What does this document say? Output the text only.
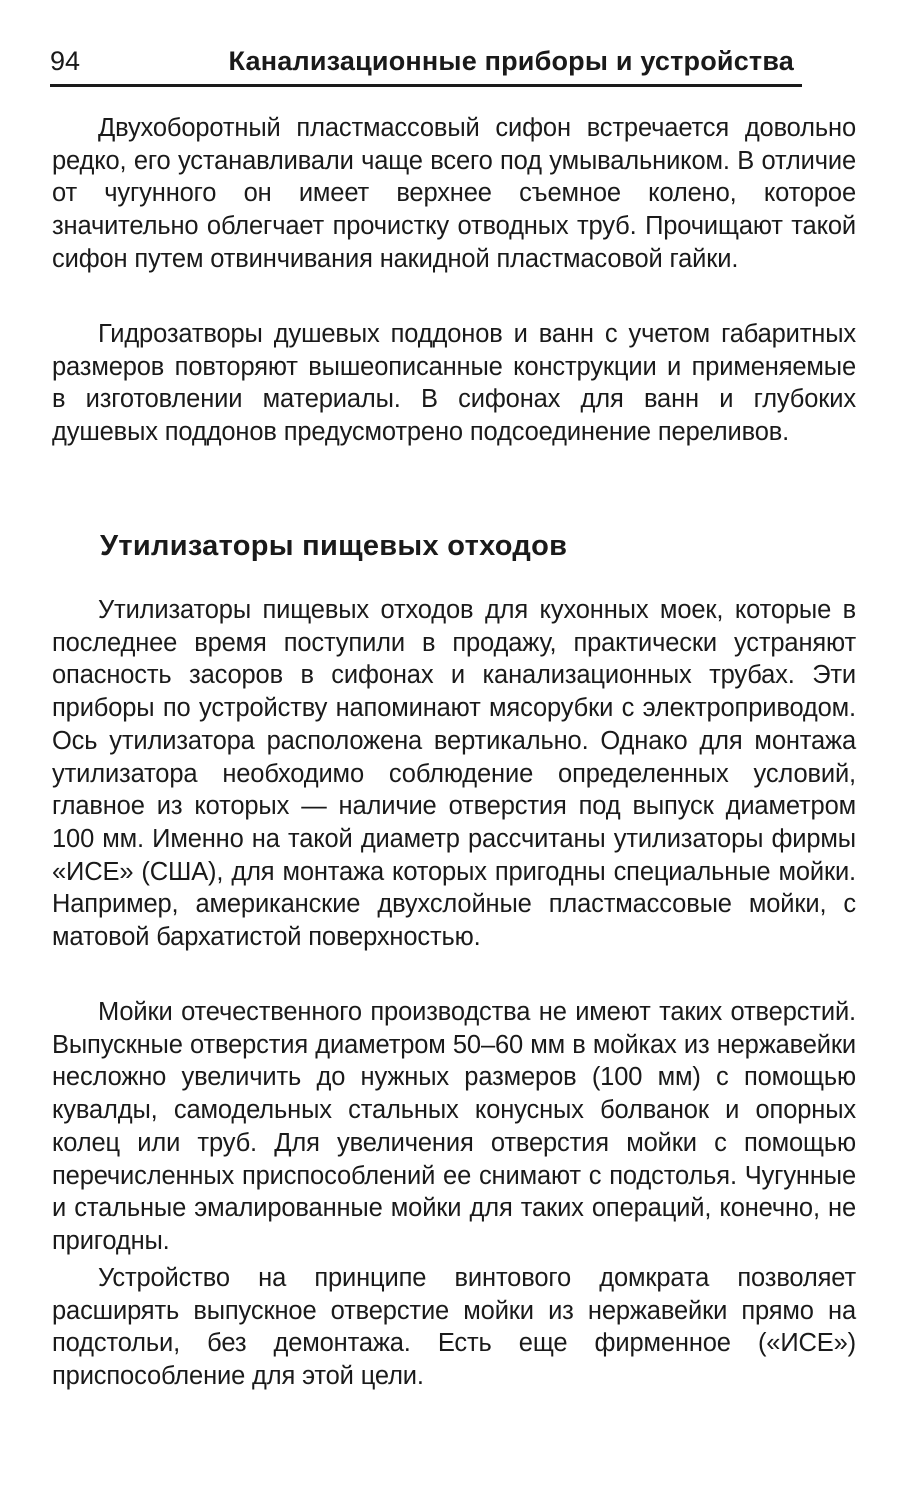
94	Канализационные приборы и устройства

Двухоборотный пластмассовый сифон встречается довольно редко, его устанавливали чаще всего под умывальником. В отличие от чугунного он имеет верхнее съемное колено, которое значительно облегчает прочистку отводных труб. Прочищают такой сифон путем отвинчивания накидной пластмасовой гайки.

Гидрозатворы душевых поддонов и ванн с учетом габаритных размеров повторяют вышеописанные конструкции и применяемые в изготовлении материалы. В сифонах для ванн и глубоких душевых поддонов предусмотрено подсоединение переливов.

Утилизаторы пищевых отходов

Утилизаторы пищевых отходов для кухонных моек, которые в последнее время поступили в продажу, практически устраняют опасность засоров в сифонах и канализационных трубах. Эти приборы по устройству напоминают мясорубки с электроприводом. Ось утилизатора расположена вертикально. Однако для монтажа утилизатора необходимо соблюдение определенных условий, главное из которых — наличие отверстия под выпуск диаметром 100 мм. Именно на такой диаметр рассчитаны утилизаторы фирмы «ИСЕ» (США), для монтажа которых пригодны специальные мойки. Например, американские двухслойные пластмассовые мойки, с матовой бархатистой поверхностью.

Мойки отечественного производства не имеют таких отверстий. Выпускные отверстия диаметром 50–60 мм в мойках из нержавейки несложно увеличить до нужных размеров (100 мм) с помощью кувалды, самодельных стальных конусных болванок и опорных колец или труб. Для увеличения отверстия мойки с помощью перечисленных приспособлений ее снимают с подстолья. Чугунные и стальные эмалированные мойки для таких операций, конечно, не пригодны.

Устройство на принципе винтового домкрата позволяет расширять выпускное отверстие мойки из нержавейки прямо на подстольи, без демонтажа. Есть еще фирменное («ИСЕ») приспособление для этой цели.
